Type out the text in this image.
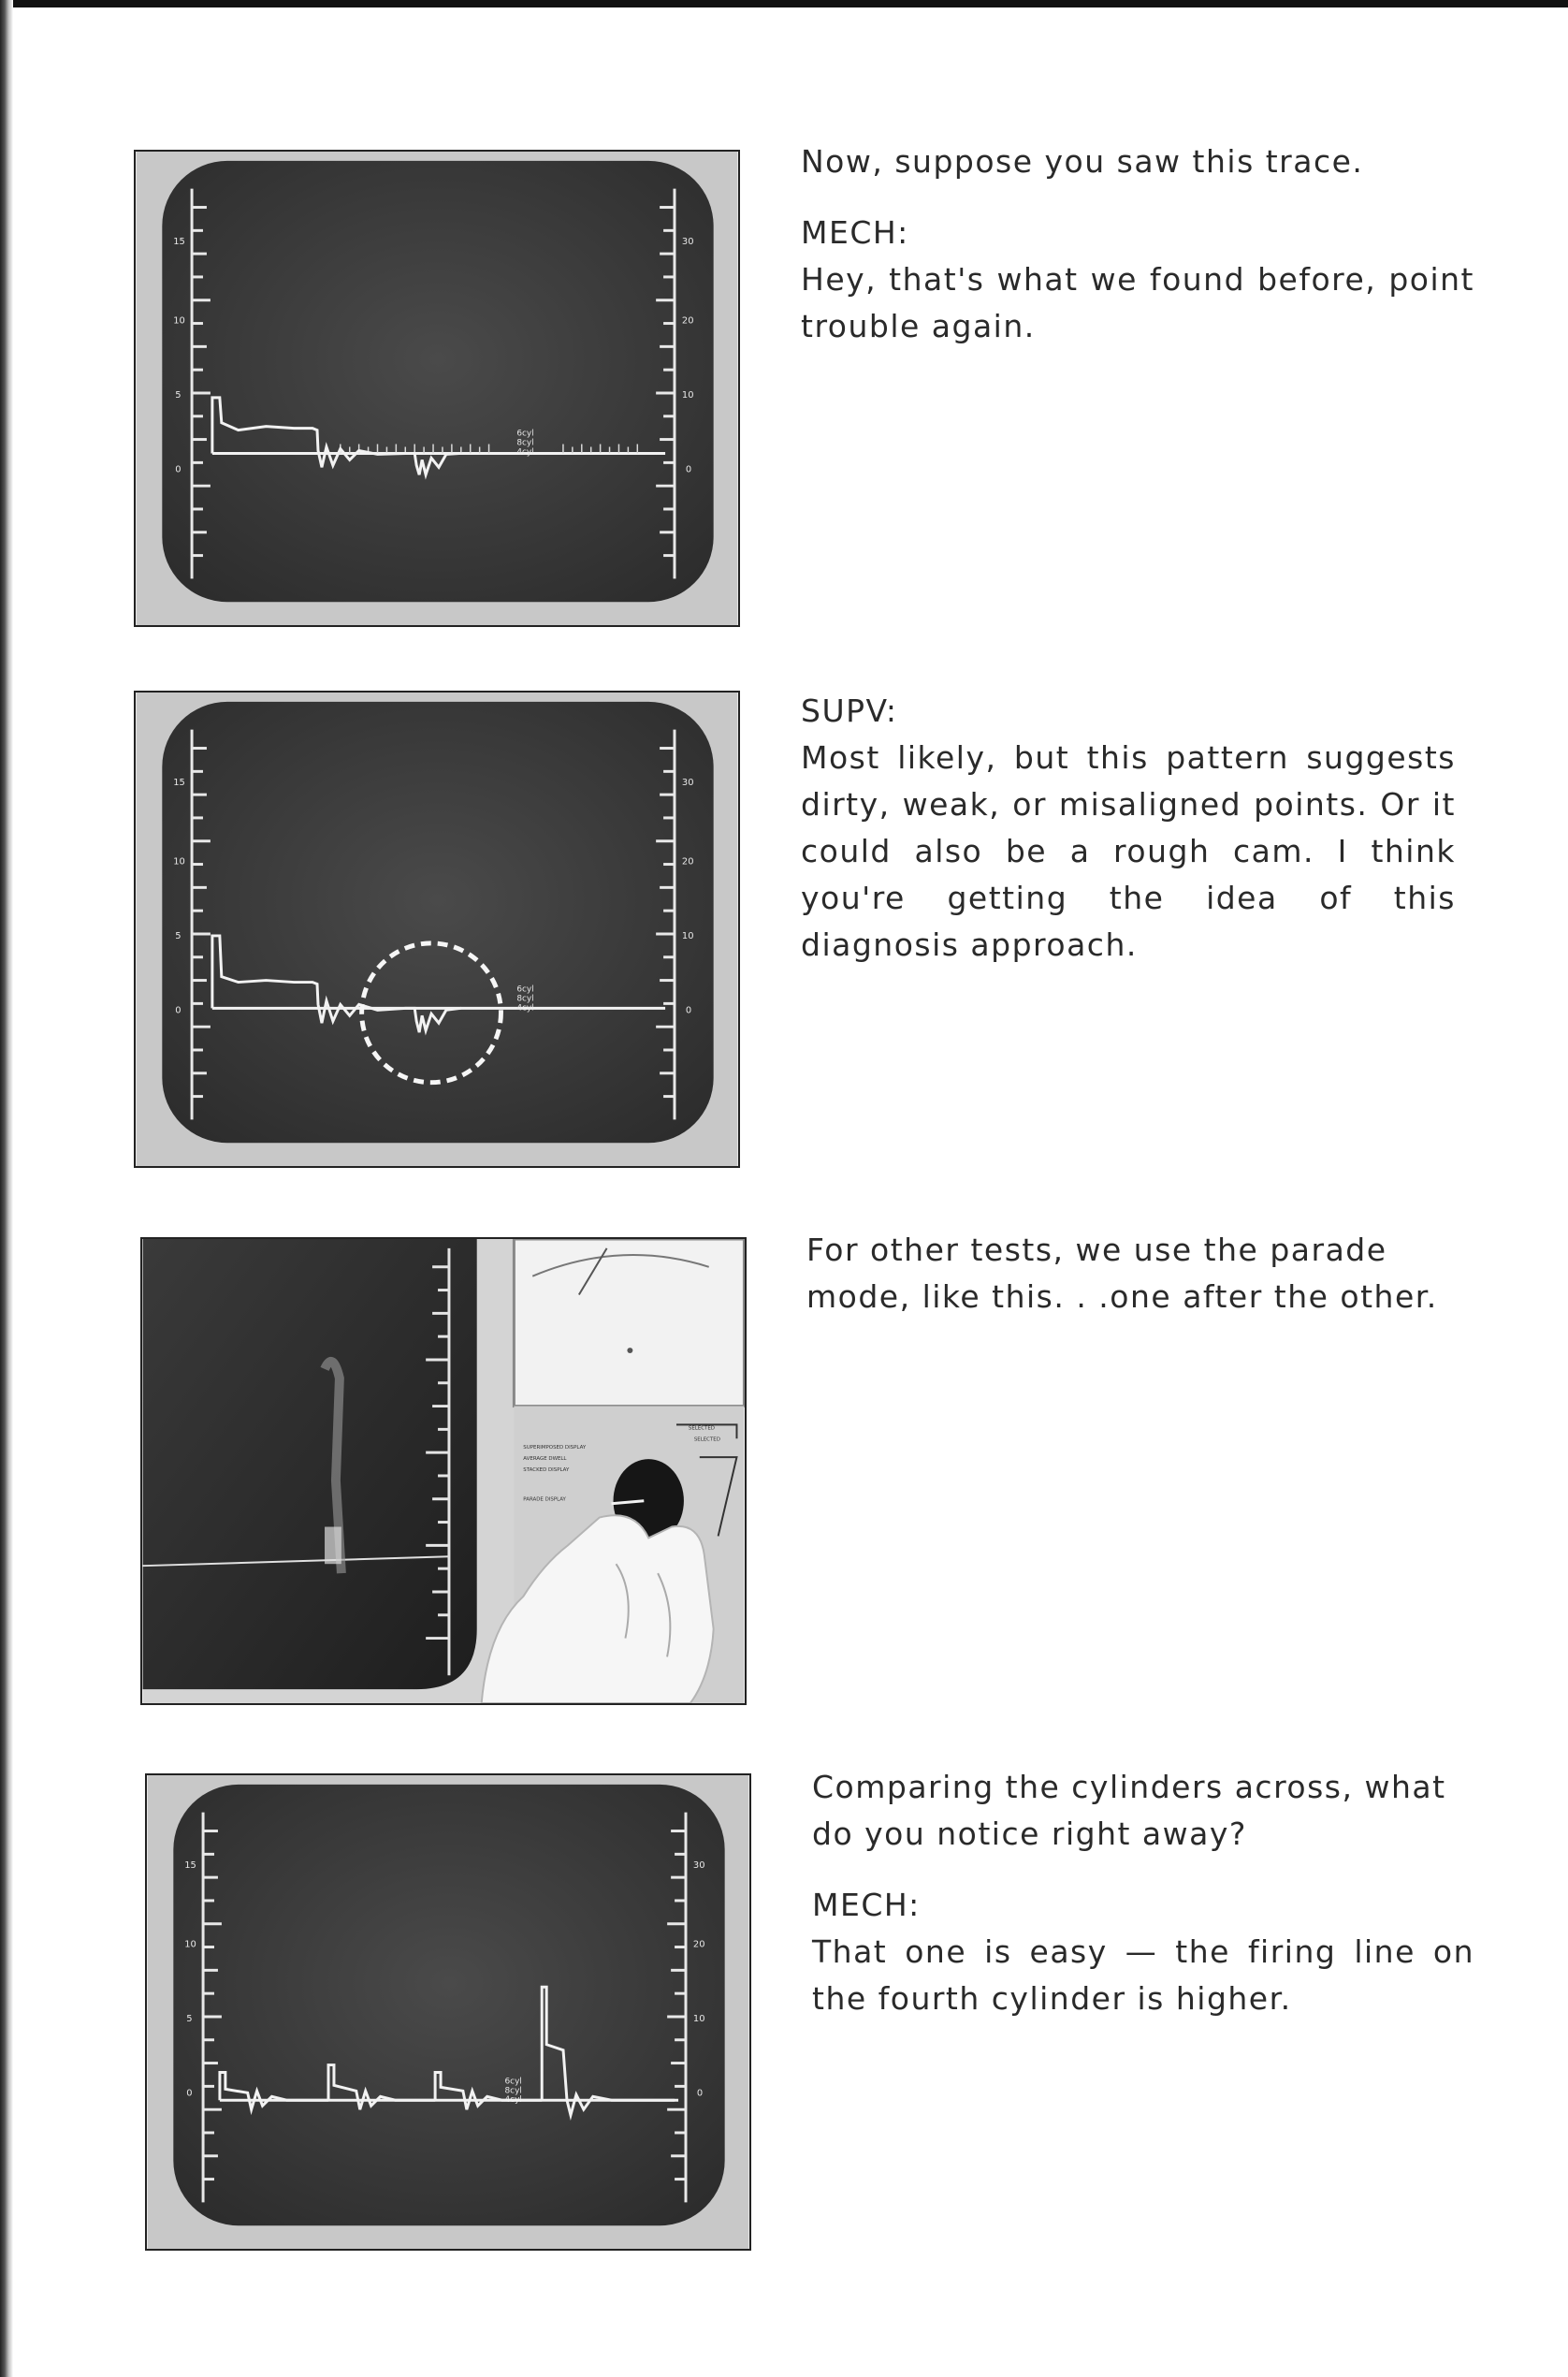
15
10
5
0
30
20
10
0
6cyl
8cyl
4cyl

Now, suppose you saw this trace.

MECH:

Hey, that's what we found before, point trouble again.

15
10
5
0
30
20
10
0
6cyl
8cyl
4cyl
SUPV:

Most likely, but this pattern suggests dirty, weak, or misaligned points. Or it could also be a rough cam. I think you're getting the idea of this diagnosis approach.

SUPERIMPOSED DISPLAY
AVERAGE DWELL
STACKED DISPLAY
PARADE DISPLAY
SELECTED
SELECTED

For other tests, we use the parade mode, like this. . .one after the other.

15
10
5
0
30
20
10
0
6cyl
8cyl
4cyl

Comparing the cylinders across, what do you notice right away?

MECH:

That one is easy — the firing line on the fourth cylinder is higher.
